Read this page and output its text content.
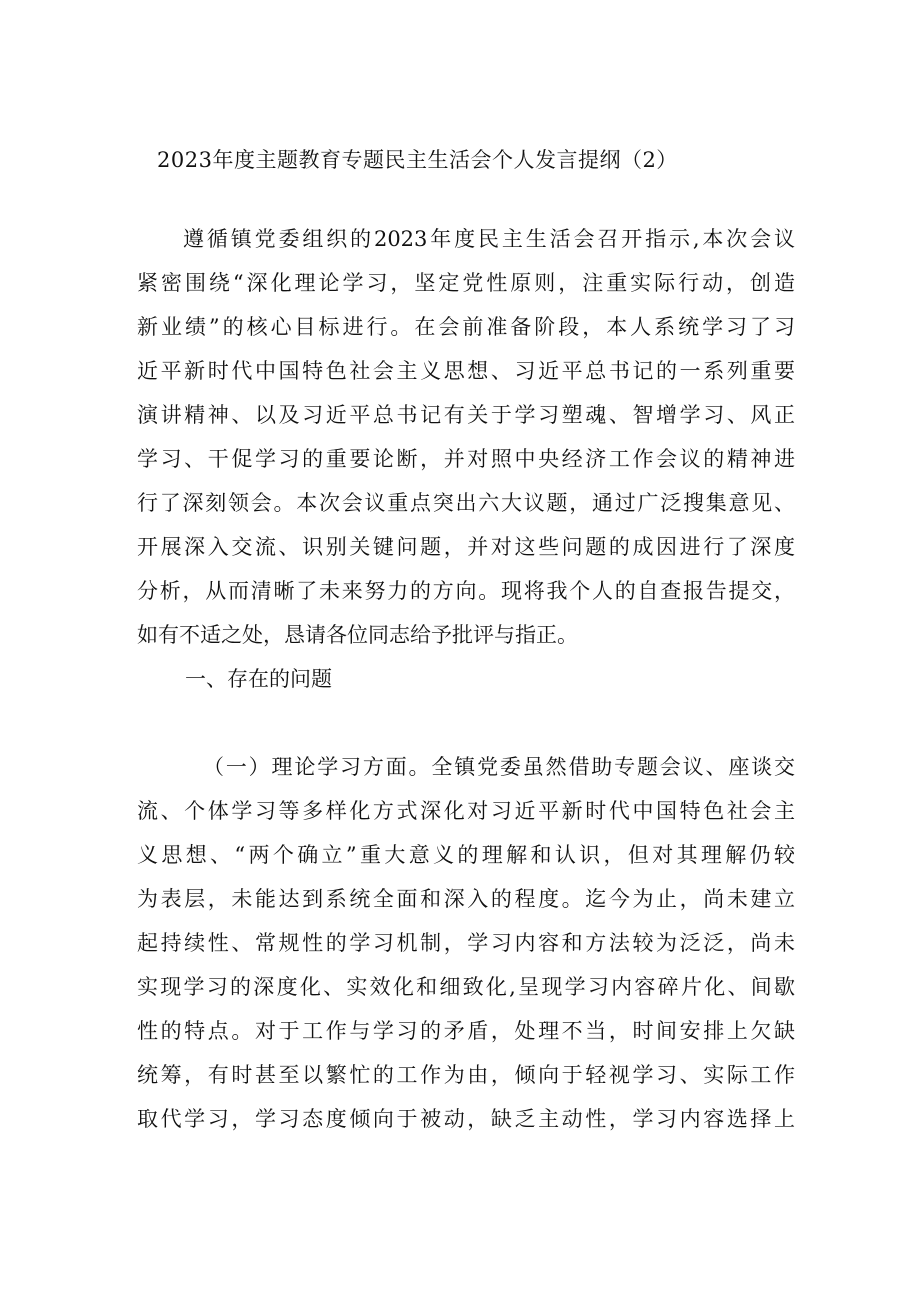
2023年度主题教育专题民主生活会个人发言提纲（2）
遵循镇党委组织的2023年度民主生活会召开指示,本次会议
紧密围绕“深化理论学习，坚定党性原则，注重实际行动，创造
新业绩”的核心目标进行。在会前准备阶段，本人系统学习了习
近平新时代中国特色社会主义思想、习近平总书记的一系列重要
演讲精神、以及习近平总书记有关于学习塑魂、智增学习、风正
学习、干促学习的重要论断，并对照中央经济工作会议的精神进
行了深刻领会。本次会议重点突出六大议题，通过广泛搜集意见、
开展深入交流、识别关键问题，并对这些问题的成因进行了深度
分析，从而清晰了未来努力的方向。现将我个人的自查报告提交，
如有不适之处，恳请各位同志给予批评与指正。
一、存在的问题
（一）理论学习方面。全镇党委虽然借助专题会议、座谈交
流、个体学习等多样化方式深化对习近平新时代中国特色社会主
义思想、“两个确立”重大意义的理解和认识，但对其理解仍较
为表层，未能达到系统全面和深入的程度。迄今为止，尚未建立
起持续性、常规性的学习机制，学习内容和方法较为泛泛，尚未
实现学习的深度化、实效化和细致化,呈现学习内容碎片化、间歇
性的特点。对于工作与学习的矛盾，处理不当，时间安排上欠缺
统筹，有时甚至以繁忙的工作为由，倾向于轻视学习、实际工作
取代学习，学习态度倾向于被动，缺乏主动性，学习内容选择上
